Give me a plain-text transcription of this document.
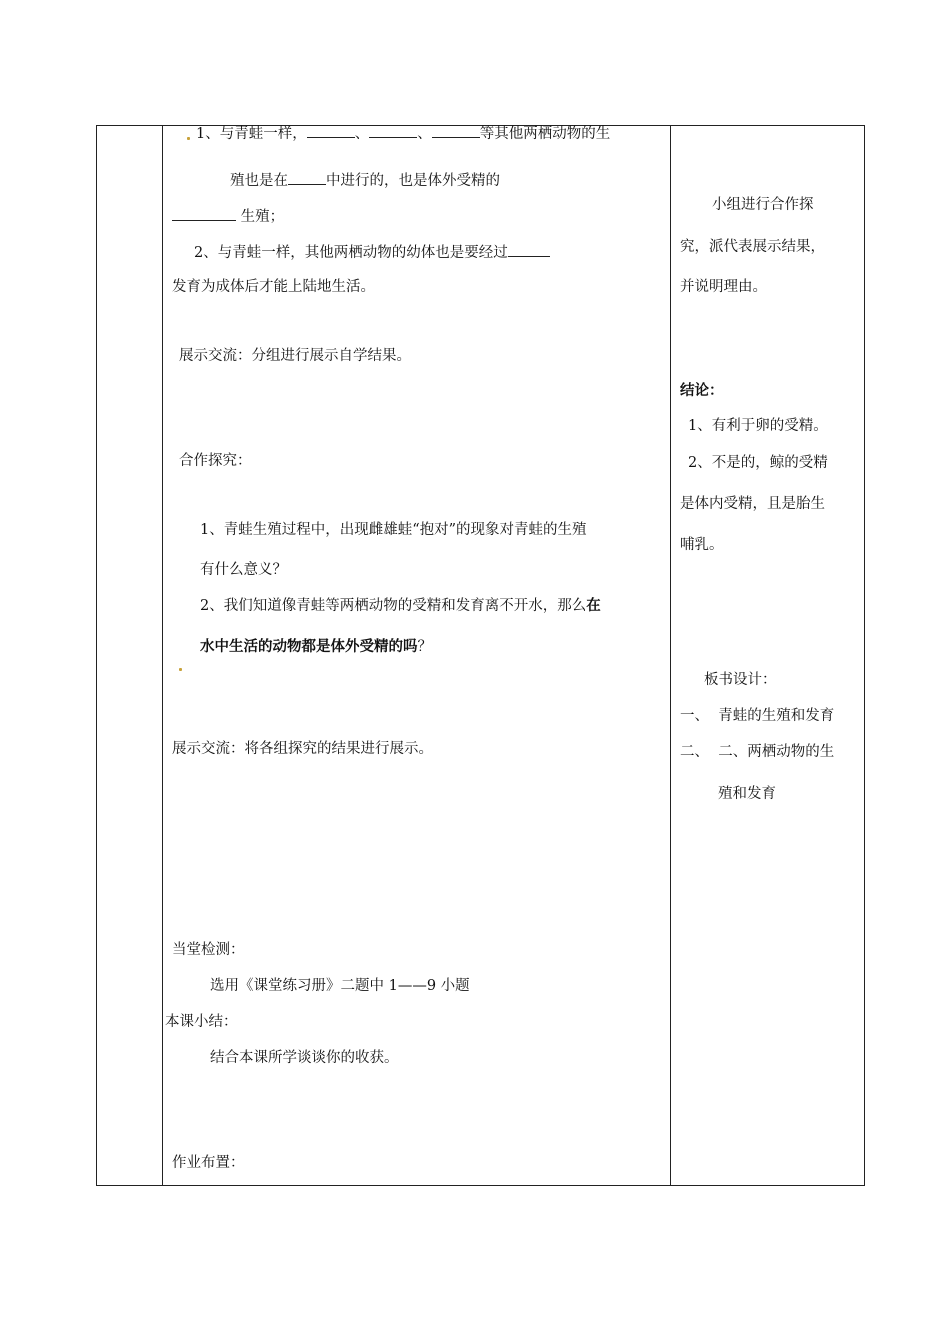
1、与青蛙一样，	、	、	等其他两栖动物的生
殖也是在	中进行的，也是体外受精的
生殖；
2、与青蛙一样，其他两栖动物的幼体也是要经过
发育为成体后才能上陆地生活。
展示交流：分组进行展示自学结果。
合作探究：
1、青蛙生殖过程中，出现雌雄蛙“抱对”的现象对青蛙的生殖
有什么意义？
2、我们知道像青蛙等两栖动物的受精和发育离不开水，那么在
水中生活的动物都是体外受精的吗？
展示交流：将各组探究的结果进行展示。
当堂检测：
选用《课堂练习册》二题中 1——9 小题
本课小结：
结合本课所学谈谈你的收获。
作业布置：
小组进行合作探
究，派代表展示结果，
并说明理由。
结论：
1、有利于卵的受精。
2、不是的，鲸的受精
是体内受精，且是胎生
哺乳。
板书设计：
一、 青蛙的生殖和发育
二、 二、两栖动物的生
殖和发育
